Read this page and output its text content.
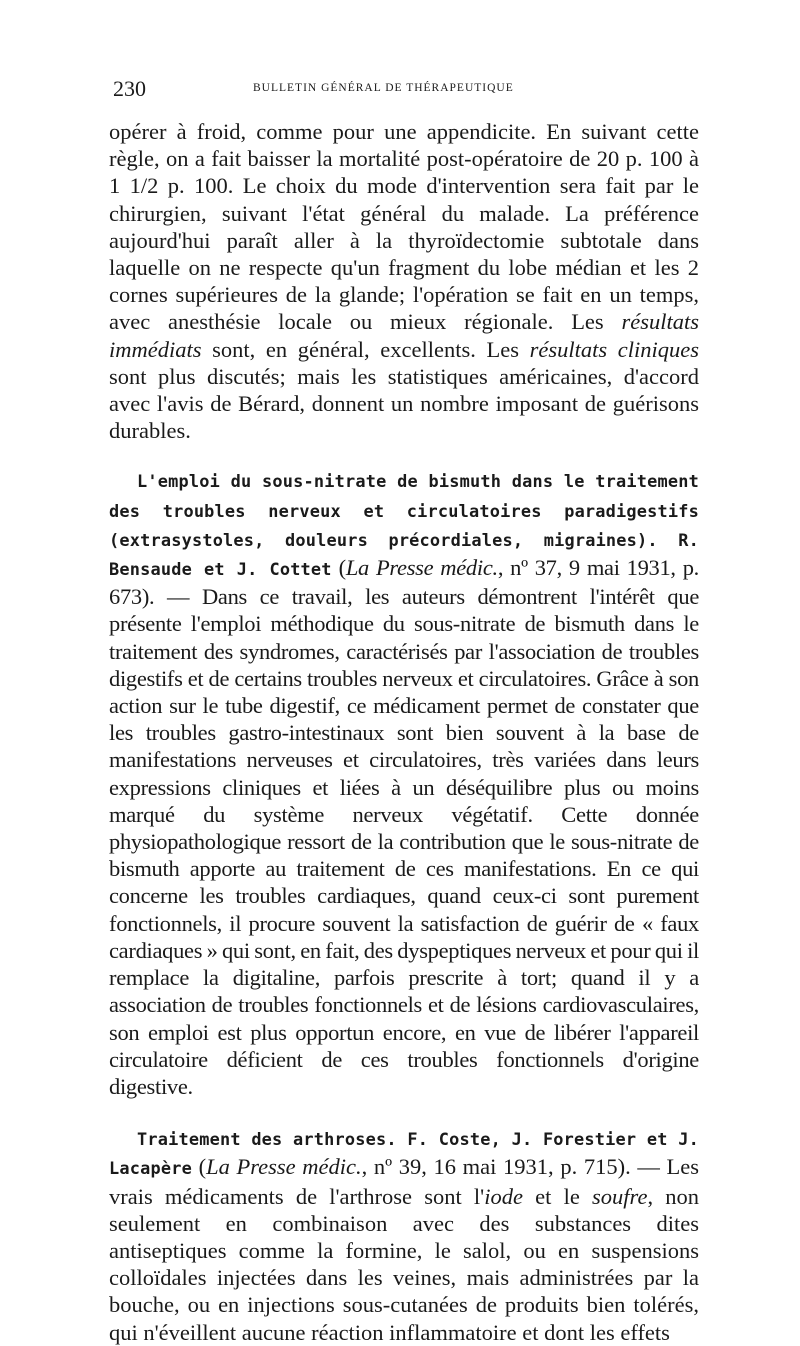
230	BULLETIN GÉNÉRAL DE THÉRAPEUTIQUE

opérer à froid, comme pour une appendicite. En suivant cette règle, on a fait baisser la mortalité post-opératoire de 20 p. 100 à 1 1/2 p. 100. Le choix du mode d'intervention sera fait par le chirurgien, suivant l'état général du malade. La préférence aujourd'hui paraît aller à la thyroïdectomie subtotale dans laquelle on ne respecte qu'un fragment du lobe médian et les 2 cornes supérieures de la glande; l'opération se fait en un temps, avec anesthésie locale ou mieux régionale. Les résultats immédiats sont, en général, excellents. Les résultats cliniques sont plus discutés; mais les statistiques américaines, d'accord avec l'avis de Bérard, donnent un nombre imposant de guérisons durables.

L'emploi du sous-nitrate de bismuth dans le traitement des troubles nerveux et circulatoires paradigestifs (extrasystoles, douleurs précordiales, migraines). R. Bensaude et J. Cottet (La Presse médic., nº 37, 9 mai 1931, p. 673). — Dans ce travail, les auteurs démontrent l'intérêt que présente l'emploi méthodique du sous-nitrate de bismuth dans le traitement des syndromes, caractérisés par l'association de troubles digestifs et de certains troubles nerveux et circulatoires. Grâce à son action sur le tube digestif, ce médicament permet de constater que les troubles gastro-intestinaux sont bien souvent à la base de manifestations nerveuses et circulatoires, très variées dans leurs expressions cliniques et liées à un déséquilibre plus ou moins marqué du système nerveux végétatif. Cette donnée physiopathologique ressort de la contribution que le sous-nitrate de bismuth apporte au traitement de ces manifestations. En ce qui concerne les troubles cardiaques, quand ceux-ci sont purement fonctionnels, il procure souvent la satisfaction de guérir de « faux cardiaques » qui sont, en fait, des dyspeptiques nerveux et pour qui il remplace la digitaline, parfois prescrite à tort; quand il y a association de troubles fonctionnels et de lésions cardiovasculaires, son emploi est plus opportun encore, en vue de libérer l'appareil circulatoire déficient de ces troubles fonctionnels d'origine digestive.

Traitement des arthroses. F. Coste, J. Forestier et J. Lacapère (La Presse médic., nº 39, 16 mai 1931, p. 715). — Les vrais médicaments de l'arthrose sont l'iode et le soufre, non seulement en combinaison avec des substances dites antiseptiques comme la formine, le salol, ou en suspensions colloïdales injectées dans les veines, mais administrées par la bouche, ou en injections sous-cutanées de produits bien tolérés, qui n'éveillent aucune réaction inflammatoire et dont les effets
